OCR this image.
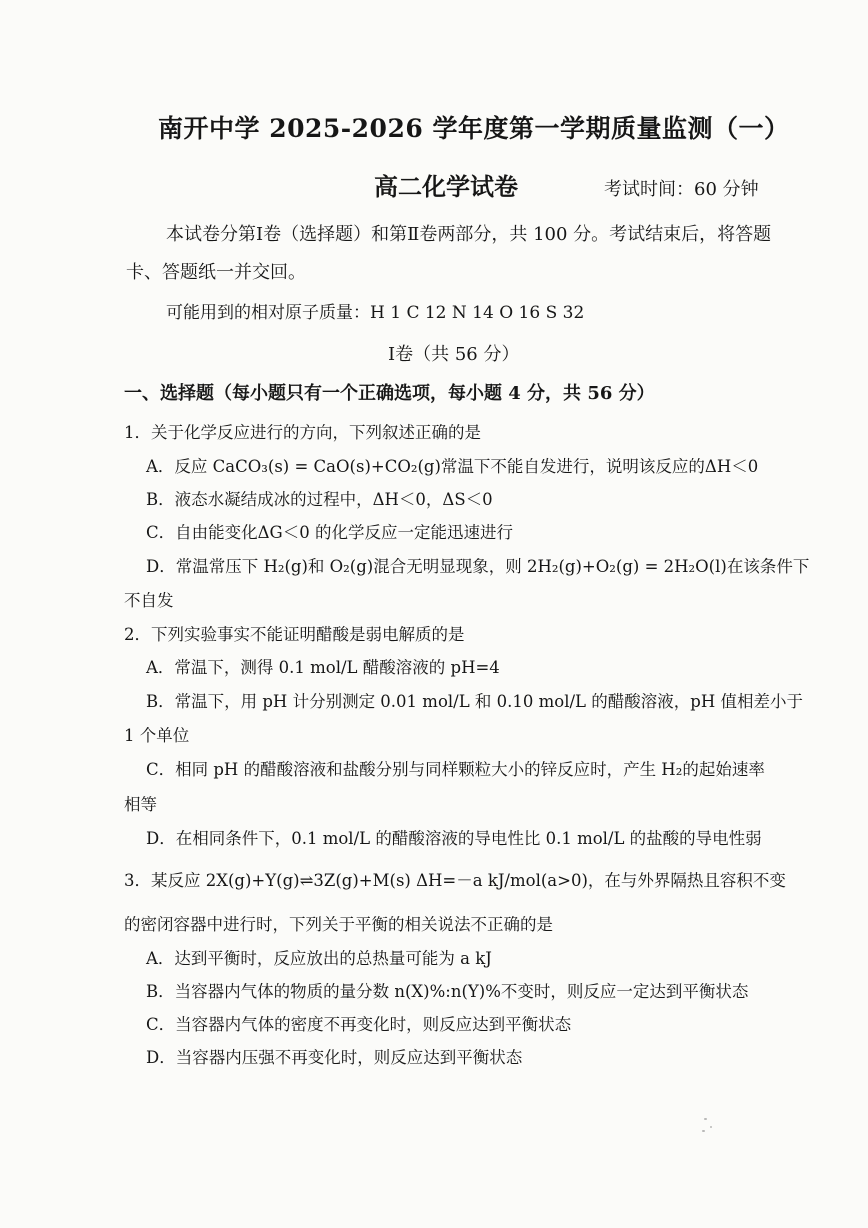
南开中学 2025-2026 学年度第一学期质量监测（一）
高二化学试卷	考试时间：60 分钟
本试卷分第Ⅰ卷（选择题）和第Ⅱ卷两部分，共 100 分。考试结束后，将答题
卡、答题纸一并交回。
可能用到的相对原子质量：H 1 C 12 N 14 O 16 S 32
Ⅰ卷（共 56 分）
一、选择题（每小题只有一个正确选项，每小题 4 分，共 56 分）
1．关于化学反应进行的方向，下列叙述正确的是
A．反应 CaCO₃(s) = CaO(s)+CO₂(g)常温下不能自发进行，说明该反应的ΔH＜0
B．液态水凝结成冰的过程中，ΔH＜0，ΔS＜0
C．自由能变化ΔG＜0 的化学反应一定能迅速进行
D．常温常压下 H₂(g)和 O₂(g)混合无明显现象，则 2H₂(g)+O₂(g) = 2H₂O(l)在该条件下
不自发
2．下列实验事实不能证明醋酸是弱电解质的是
A．常温下，测得 0.1 mol/L 醋酸溶液的 pH=4
B．常温下，用 pH 计分别测定 0.01 mol/L 和 0.10 mol/L 的醋酸溶液，pH 值相差小于
1 个单位
C．相同 pH 的醋酸溶液和盐酸分别与同样颗粒大小的锌反应时，产生 H₂的起始速率
相等
D．在相同条件下，0.1 mol/L 的醋酸溶液的导电性比 0.1 mol/L 的盐酸的导电性弱
3．某反应 2X(g)+Y(g)⇌3Z(g)+M(s) ΔH=－a kJ/mol(a>0)，在与外界隔热且容积不变
的密闭容器中进行时，下列关于平衡的相关说法不正确的是
A．达到平衡时，反应放出的总热量可能为 a kJ
B．当容器内气体的物质的量分数 n(X)%:n(Y)%不变时，则反应一定达到平衡状态
C．当容器内气体的密度不再变化时，则反应达到平衡状态
D．当容器内压强不再变化时，则反应达到平衡状态
